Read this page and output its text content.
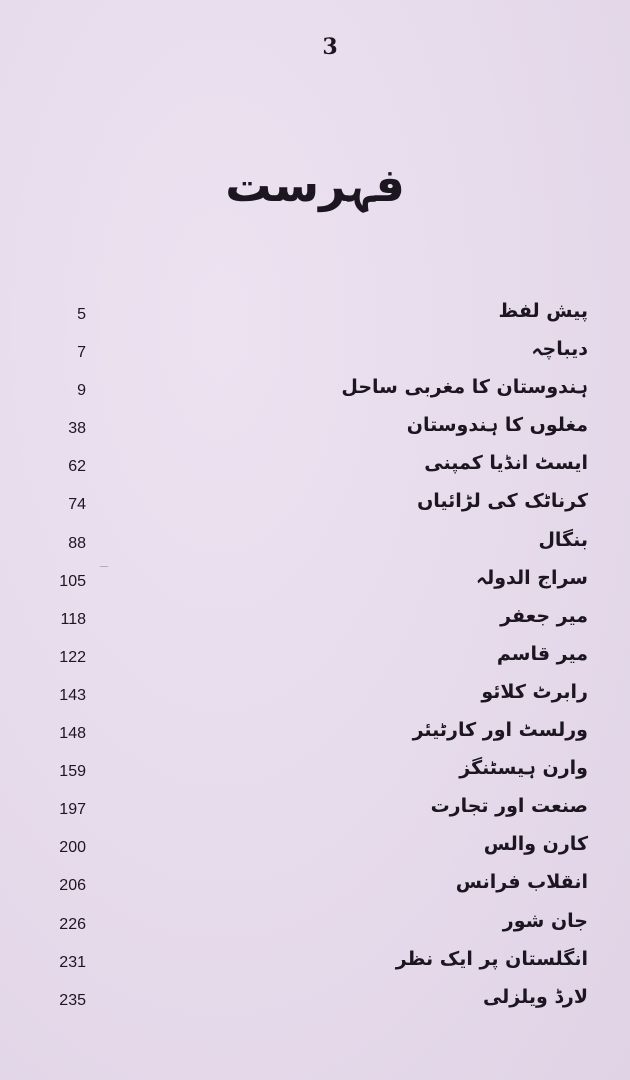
3
فہرست
پیش لفظ
5
دیباچہ
7
ہندوستان کا مغربی ساحل
9
مغلوں کا ہندوستان
38
ایسٹ انڈیا کمپنی
62
کرناٹک کی لڑائیاں
74
بنگال
88
سراج الدولہ
105
میر جعفر
118
میر قاسم
122
رابرٹ کلائو
143
ورلسٹ اور کارٹیئر
148
وارن ہیسٹنگز
159
صنعت اور تجارت
197
کارن والس
200
انقلاب فرانس
206
جان شور
226
انگلستان پر ایک نظر
231
لارڈ ویلزلی
235
